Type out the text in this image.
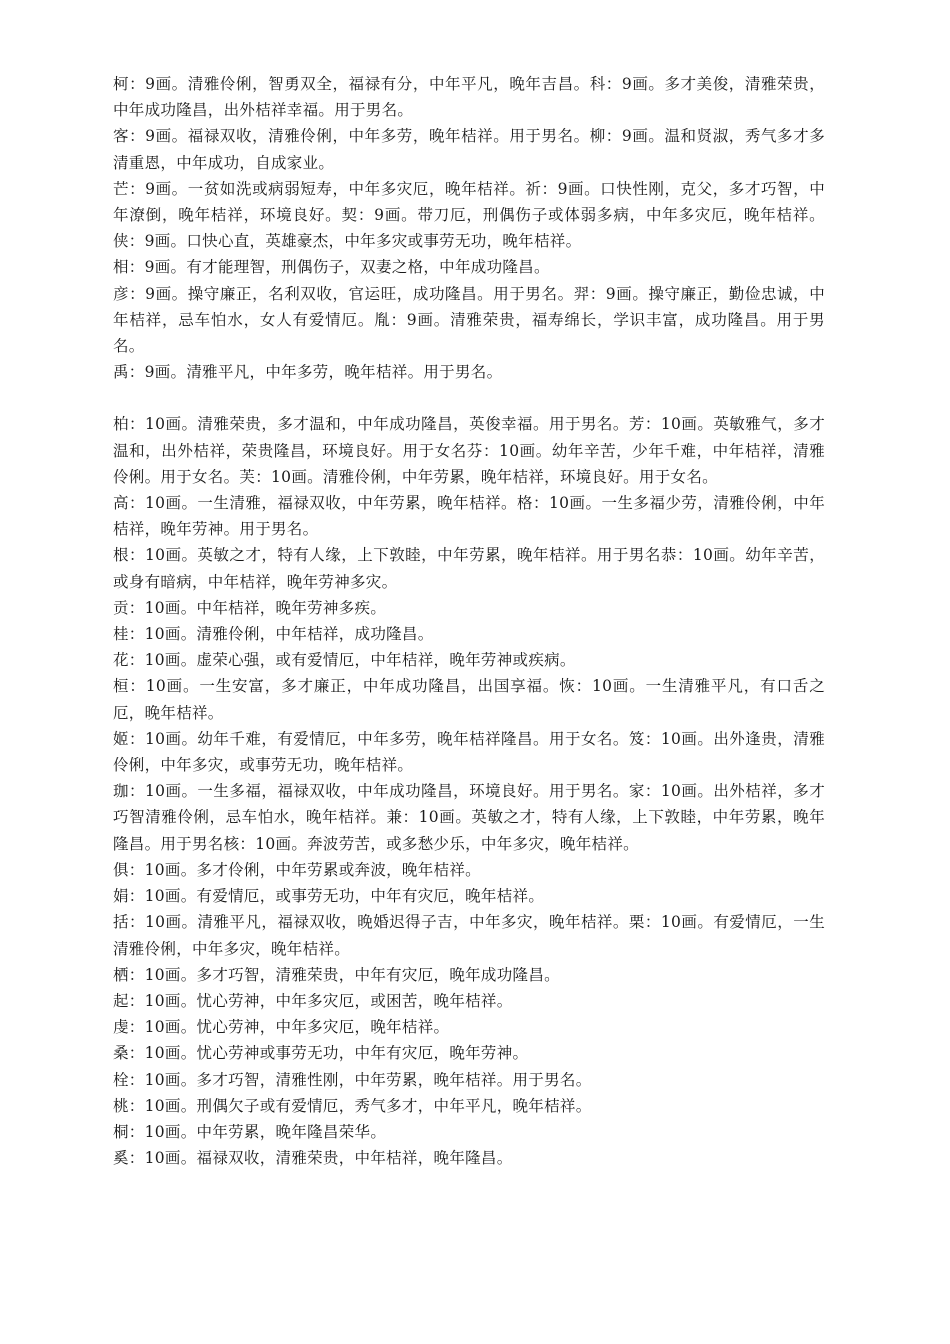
柯：9画。清雅伶俐，智勇双全，福禄有分，中年平凡，晚年吉昌。科：9画。多才美俊，清雅荣贵，中年成功隆昌，出外桔祥幸福。用于男名。

客：9画。福禄双收，清雅伶俐，中年多劳，晚年桔祥。用于男名。柳：9画。温和贤淑，秀气多才多清重恩，中年成功，自成家业。

芒：9画。一贫如洗或病弱短寿，中年多灾厄，晚年桔祥。祈：9画。口快性刚，克父，多才巧智，中年潦倒，晚年桔祥，环境良好。契：9画。带刀厄，刑偶伤子或体弱多病，中年多灾厄，晚年桔祥。侠：9画。口快心直，英雄豪杰，中年多灾或事劳无功，晚年桔祥。

相：9画。有才能理智，刑偶伤子，双妻之格，中年成功隆昌。

彦：9画。操守廉正，名利双收，官运旺，成功隆昌。用于男名。羿：9画。操守廉正，勤俭忠诚，中年桔祥，忌车怕水，女人有爱情厄。胤：9画。清雅荣贵，福寿绵长，学识丰富，成功隆昌。用于男名。

禹：9画。清雅平凡，中年多劳，晚年桔祥。用于男名。

柏：10画。清雅荣贵，多才温和，中年成功隆昌，英俊幸福。用于男名。芳：10画。英敏雅气，多才温和，出外桔祥，荣贵隆昌，环境良好。用于女名芬：10画。幼年辛苦，少年千难，中年桔祥，清雅伶俐。用于女名。芙：10画。清雅伶俐，中年劳累，晚年桔祥，环境良好。用于女名。

高：10画。一生清雅，福禄双收，中年劳累，晚年桔祥。格：10画。一生多福少劳，清雅伶俐，中年桔祥，晚年劳神。用于男名。

根：10画。英敏之才，特有人缘，上下敦睦，中年劳累，晚年桔祥。用于男名恭：10画。幼年辛苦，或身有暗病，中年桔祥，晚年劳神多灾。

贡：10画。中年桔祥，晚年劳神多疾。

桂：10画。清雅伶俐，中年桔祥，成功隆昌。

花：10画。虚荣心强，或有爱情厄，中年桔祥，晚年劳神或疾病。

桓：10画。一生安富，多才廉正，中年成功隆昌，出国享福。恢：10画。一生清雅平凡，有口舌之厄，晚年桔祥。

姬：10画。幼年千难，有爱情厄，中年多劳，晚年桔祥隆昌。用于女名。笈：10画。出外逢贵，清雅伶俐，中年多灾，或事劳无功，晚年桔祥。

珈：10画。一生多福，福禄双收，中年成功隆昌，环境良好。用于男名。家：10画。出外桔祥，多才巧智清雅伶俐，忌车怕水，晚年桔祥。兼：10画。英敏之才，特有人缘，上下敦睦，中年劳累，晚年隆昌。用于男名核：10画。奔波劳苦，或多愁少乐，中年多灾，晚年桔祥。

俱：10画。多才伶俐，中年劳累或奔波，晚年桔祥。

娟：10画。有爱情厄，或事劳无功，中年有灾厄，晚年桔祥。

括：10画。清雅平凡，福禄双收，晚婚迟得子吉，中年多灾，晚年桔祥。栗：10画。有爱情厄，一生清雅伶俐，中年多灾，晚年桔祥。

栖：10画。多才巧智，清雅荣贵，中年有灾厄，晚年成功隆昌。

起：10画。忧心劳神，中年多灾厄，或困苦，晚年桔祥。

虔：10画。忧心劳神，中年多灾厄，晚年桔祥。

桑：10画。忧心劳神或事劳无功，中年有灾厄，晚年劳神。

栓：10画。多才巧智，清雅性刚，中年劳累，晚年桔祥。用于男名。

桃：10画。刑偶欠子或有爱情厄，秀气多才，中年平凡，晚年桔祥。

桐：10画。中年劳累，晚年隆昌荣华。

奚：10画。福禄双收，清雅荣贵，中年桔祥，晚年隆昌。
